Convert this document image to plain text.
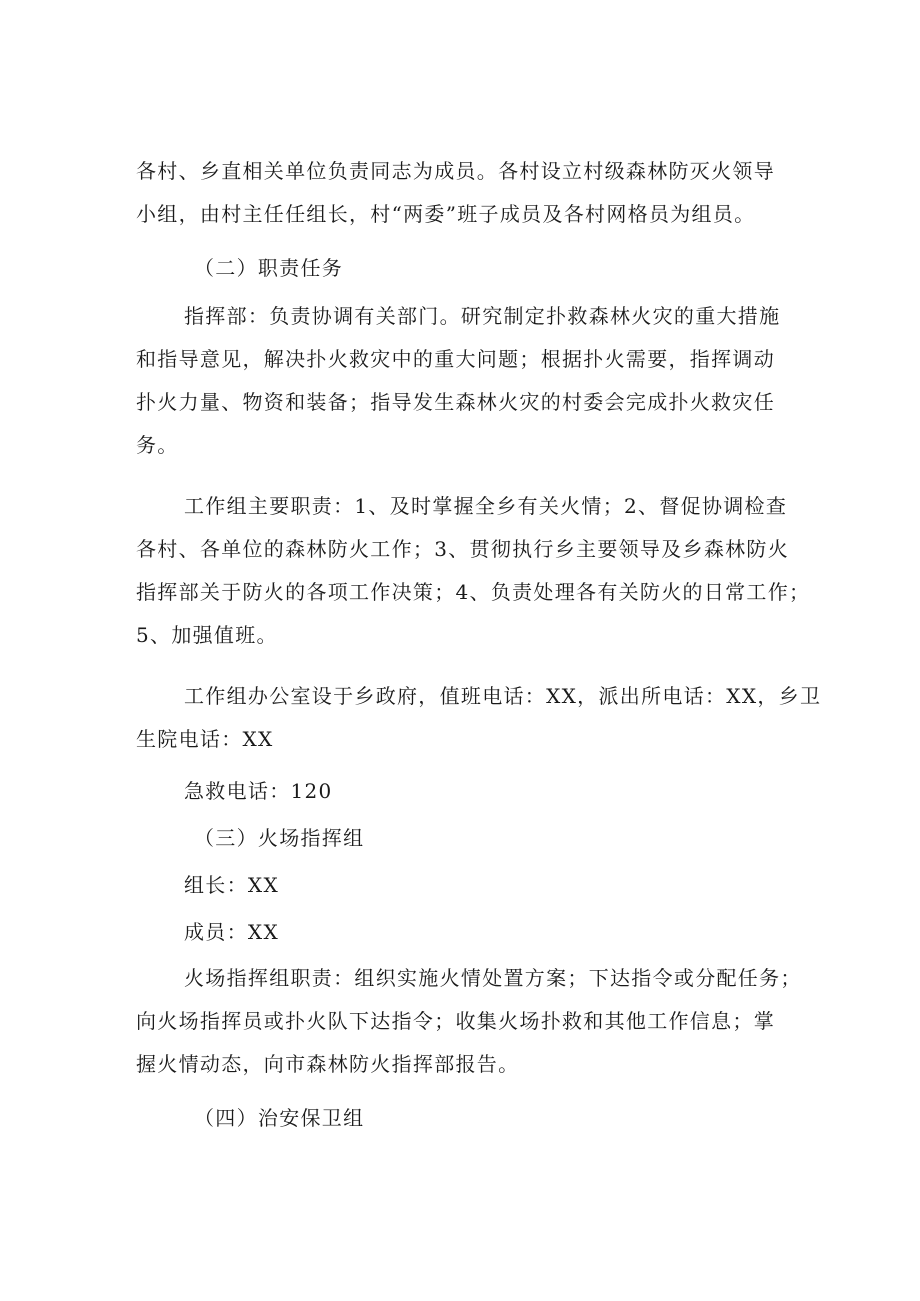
各村、乡直相关单位负责同志为成员。各村设立村级森林防灭火领导
小组，由村主任任组长，村“两委”班子成员及各村网格员为组员。
（二）职责任务
指挥部：负责协调有关部门。研究制定扑救森林火灾的重大措施
和指导意见，解决扑火救灾中的重大问题；根据扑火需要，指挥调动
扑火力量、物资和装备；指导发生森林火灾的村委会完成扑火救灾任
务。
工作组主要职责：1、及时掌握全乡有关火情；2、督促协调检查
各村、各单位的森林防火工作；3、贯彻执行乡主要领导及乡森林防火
指挥部关于防火的各项工作决策；4、负责处理各有关防火的日常工作；
5、加强值班。
工作组办公室设于乡政府，值班电话：XX，派出所电话：XX，乡卫
生院电话：XX
急救电话：120
（三）火场指挥组
组长：XX
成员：XX
火场指挥组职责：组织实施火情处置方案；下达指令或分配任务；
向火场指挥员或扑火队下达指令；收集火场扑救和其他工作信息；掌
握火情动态，向市森林防火指挥部报告。
（四）治安保卫组
